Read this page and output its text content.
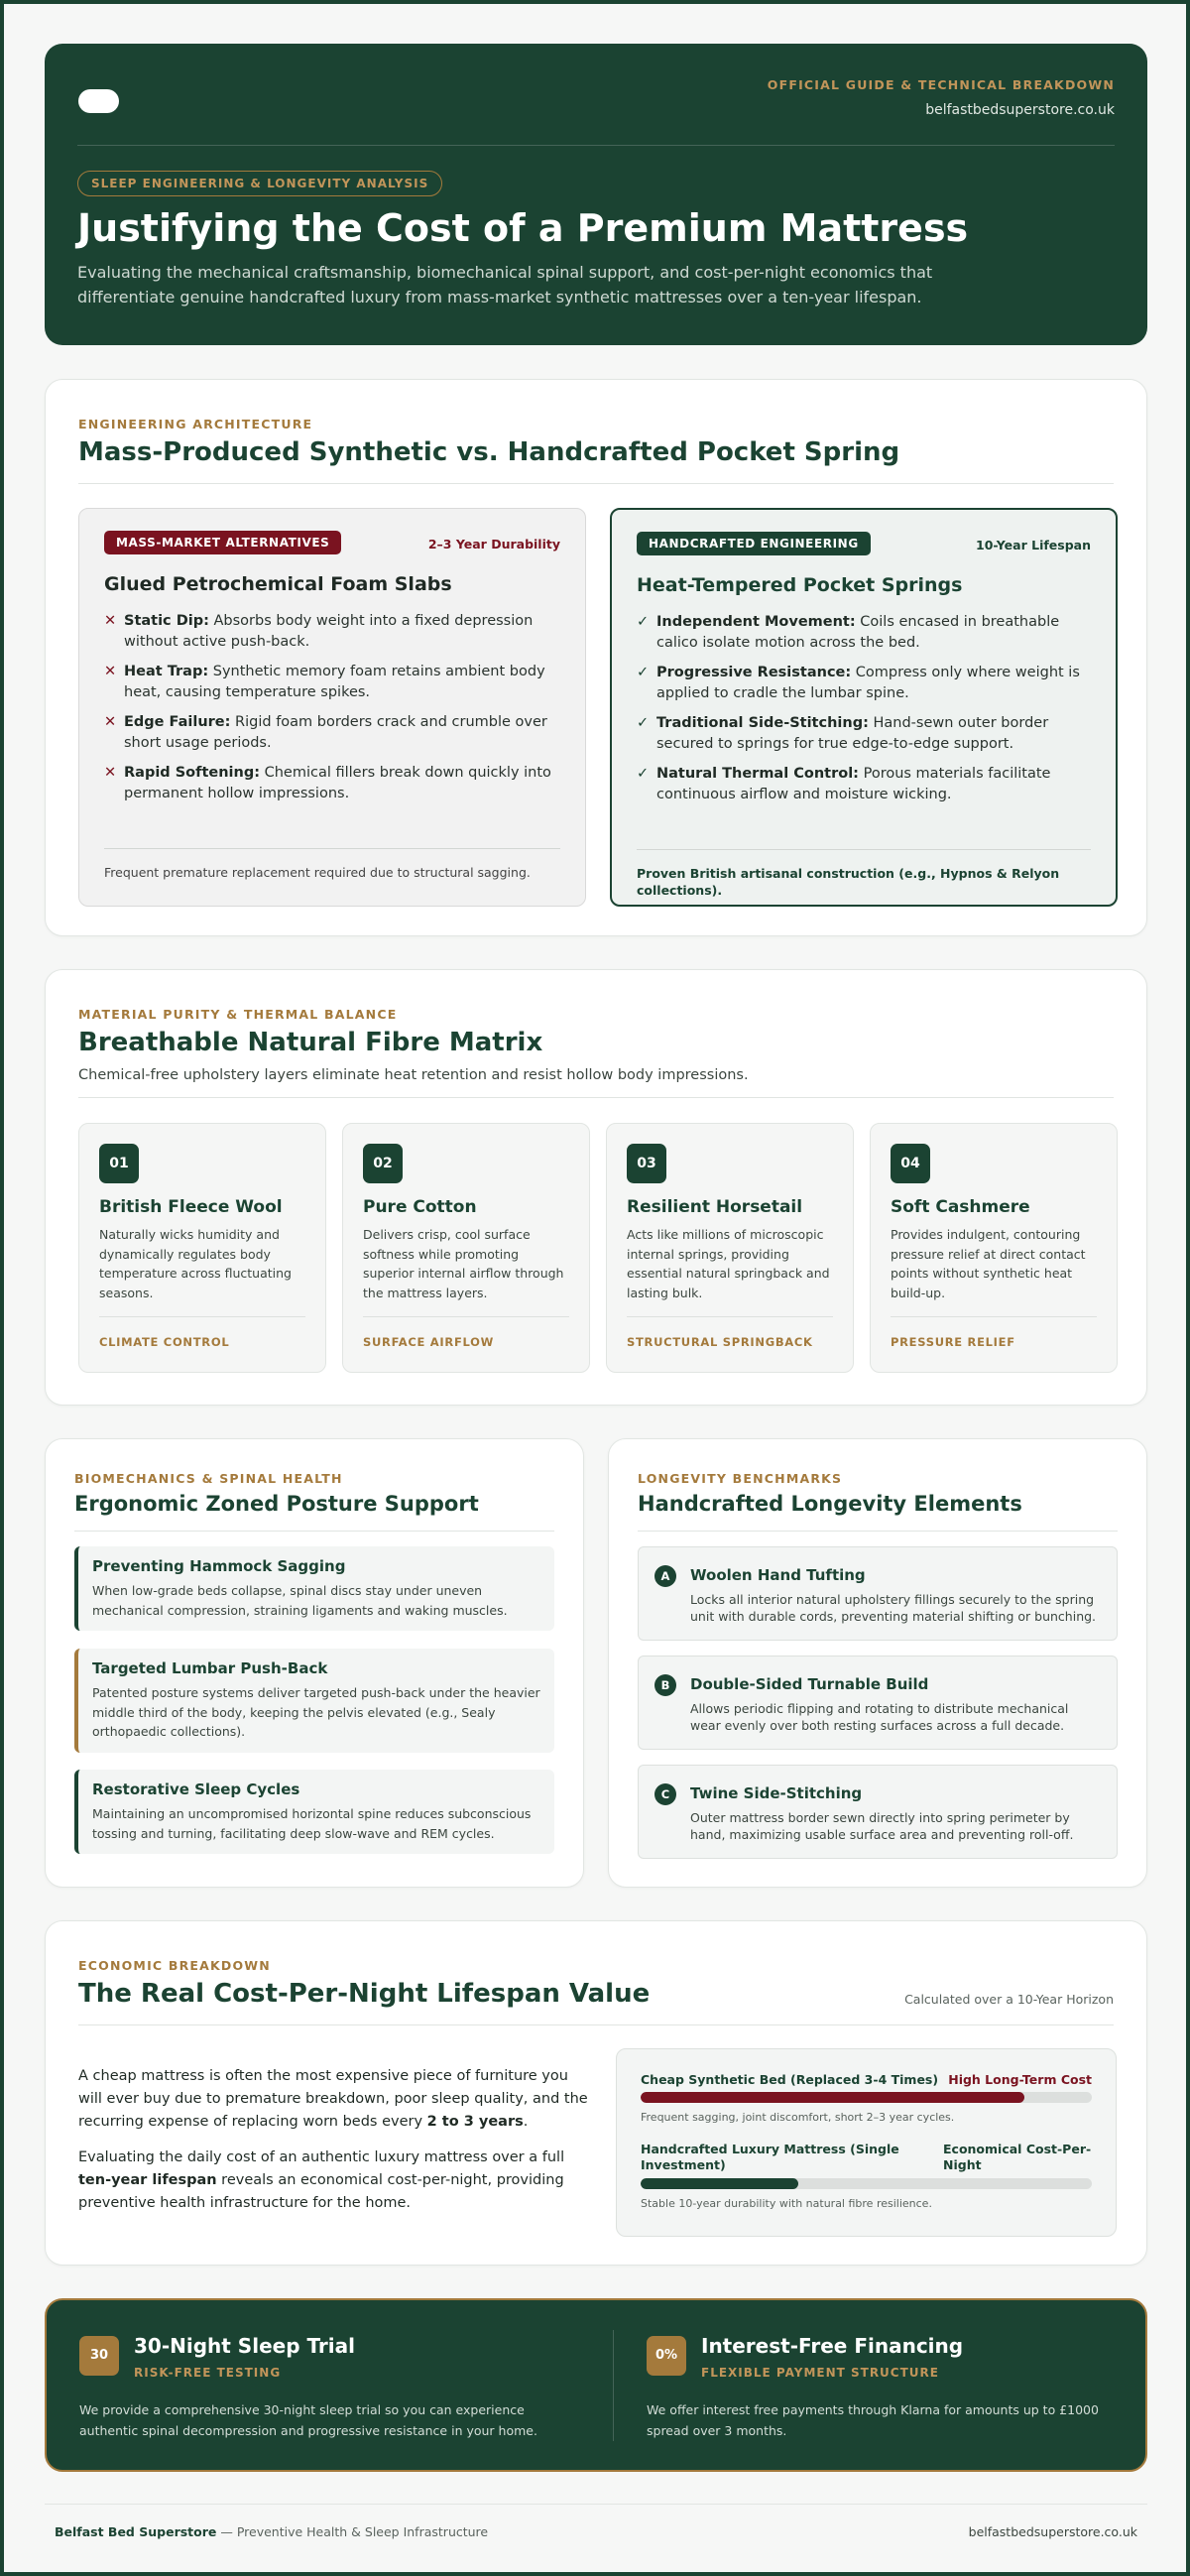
OFFICIAL GUIDE & TECHNICAL BREAKDOWN
belfastbedsuperstore.co.uk
SLEEP ENGINEERING & LONGEVITY ANALYSIS
Justifying the Cost of a Premium Mattress

Evaluating the mechanical craftsmanship, biomechanical spinal support, and cost-per-night economics that differentiate genuine handcrafted luxury from mass-market synthetic mattresses over a ten-year lifespan.

ENGINEERING ARCHITECTURE
Mass-Produced Synthetic vs. Handcrafted Pocket Spring
MASS-MARKET ALTERNATIVES	2–3 Year Durability
Glued Petrochemical Foam Slabs
✕ Static Dip: Absorbs body weight into a fixed depression without active push-back.
✕ Heat Trap: Synthetic memory foam retains ambient body heat, causing temperature spikes.
✕ Edge Failure: Rigid foam borders crack and crumble over short usage periods.
✕ Rapid Softening: Chemical fillers break down quickly into permanent hollow impressions.
Frequent premature replacement required due to structural sagging.
HANDCRAFTED ENGINEERING	10-Year Lifespan
Heat-Tempered Pocket Springs
✓ Independent Movement: Coils encased in breathable calico isolate motion across the bed.
✓ Progressive Resistance: Compress only where weight is applied to cradle the lumbar spine.
✓ Traditional Side-Stitching: Hand-sewn outer border secured to springs for true edge-to-edge support.
✓ Natural Thermal Control: Porous materials facilitate continuous airflow and moisture wicking.
Proven British artisanal construction (e.g., Hypnos & Relyon collections).
MATERIAL PURITY & THERMAL BALANCE
Breathable Natural Fibre Matrix
Chemical-free upholstery layers eliminate heat retention and resist hollow body impressions.
01
British Fleece Wool

Naturally wicks humidity and dynamically regulates body temperature across fluctuating seasons.

CLIMATE CONTROL
02
Pure Cotton

Delivers crisp, cool surface softness while promoting superior internal airflow through the mattress layers.

SURFACE AIRFLOW
03
Resilient Horsetail

Acts like millions of microscopic internal springs, providing essential natural springback and lasting bulk.

STRUCTURAL SPRINGBACK
04
Soft Cashmere

Provides indulgent, contouring pressure relief at direct contact points without synthetic heat build-up.

PRESSURE RELIEF
BIOMECHANICS & SPINAL HEALTH
Ergonomic Zoned Posture Support
Preventing Hammock Sagging

When low-grade beds collapse, spinal discs stay under uneven mechanical compression, straining ligaments and waking muscles.

Targeted Lumbar Push-Back

Patented posture systems deliver targeted push-back under the heavier middle third of the body, keeping the pelvis elevated (e.g., Sealy orthopaedic collections).

Restorative Sleep Cycles

Maintaining an uncompromised horizontal spine reduces subconscious tossing and turning, facilitating deep slow-wave and REM cycles.

LONGEVITY BENCHMARKS
Handcrafted Longevity Elements
A	Woolen Hand Tufting

Locks all interior natural upholstery fillings securely to the spring unit with durable cords, preventing material shifting or bunching.

B	Double-Sided Turnable Build

Allows periodic flipping and rotating to distribute mechanical wear evenly over both resting surfaces across a full decade.

C	Twine Side-Stitching

Outer mattress border sewn directly into spring perimeter by hand, maximizing usable surface area and preventing roll-off.

ECONOMIC BREAKDOWN
The Real Cost-Per-Night Lifespan Value	Calculated over a 10-Year Horizon

A cheap mattress is often the most expensive piece of furniture you will ever buy due to premature breakdown, poor sleep quality, and the recurring expense of replacing worn beds every 2 to 3 years.

Evaluating the daily cost of an authentic luxury mattress over a full ten-year lifespan reveals an economical cost-per-night, providing preventive health infrastructure for the home.

Cheap Synthetic Bed (Replaced 3-4 Times) High Long-Term Cost
Frequent sagging, joint discomfort, short 2–3 year cycles.
Handcrafted Luxury Mattress (Single Investment)
Economical Cost-Per-Night
Stable 10-year durability with natural fibre resilience.
30	30-Night Sleep Trial
RISK-FREE TESTING
We provide a comprehensive 30-night sleep trial so you can experience authentic spinal decompression and progressive resistance in your home.
0%	Interest-Free Financing
FLEXIBLE PAYMENT STRUCTURE
We offer interest free payments through Klarna for amounts up to £1000 spread over 3 months.
Belfast Bed Superstore — Preventive Health & Sleep Infrastructure	belfastbedsuperstore.co.uk
